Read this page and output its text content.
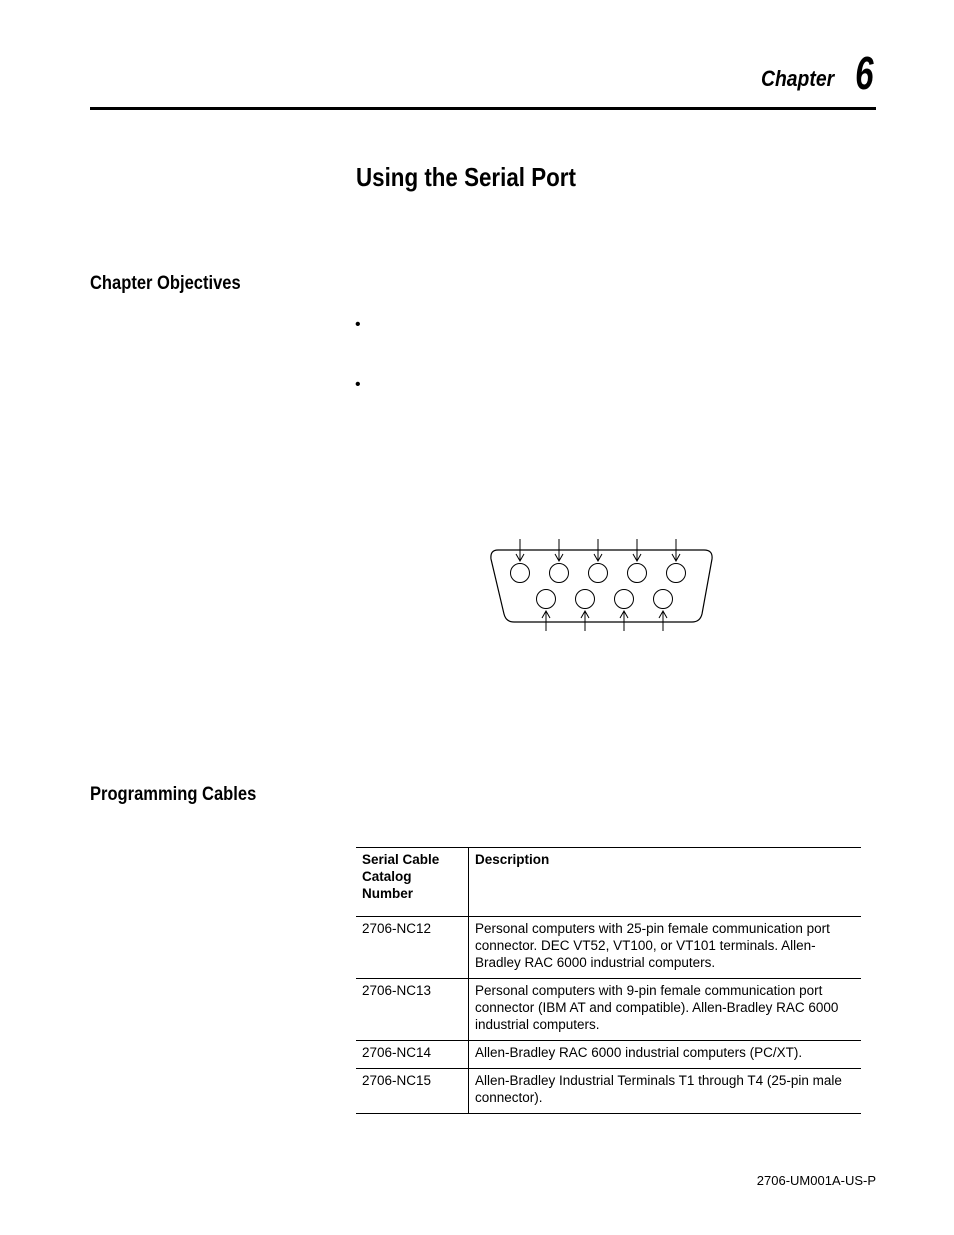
Chapter 6
Using the Serial Port
Chapter Objectives
•
•
Programming Cables
Serial Cable Catalog Number	Description
2706-NC12	Personal computers with 25-pin female communication port connector. DEC VT52, VT100, or VT101 terminals. Allen-Bradley RAC 6000 industrial computers.
2706-NC13	Personal computers with 9-pin female communication port connector (IBM AT and compatible). Allen-Bradley RAC 6000 industrial computers.
2706-NC14	Allen-Bradley RAC 6000 industrial computers (PC/XT).
2706-NC15	Allen-Bradley Industrial Terminals T1 through T4 (25-pin male connector).
2706-UM001A-US-P
